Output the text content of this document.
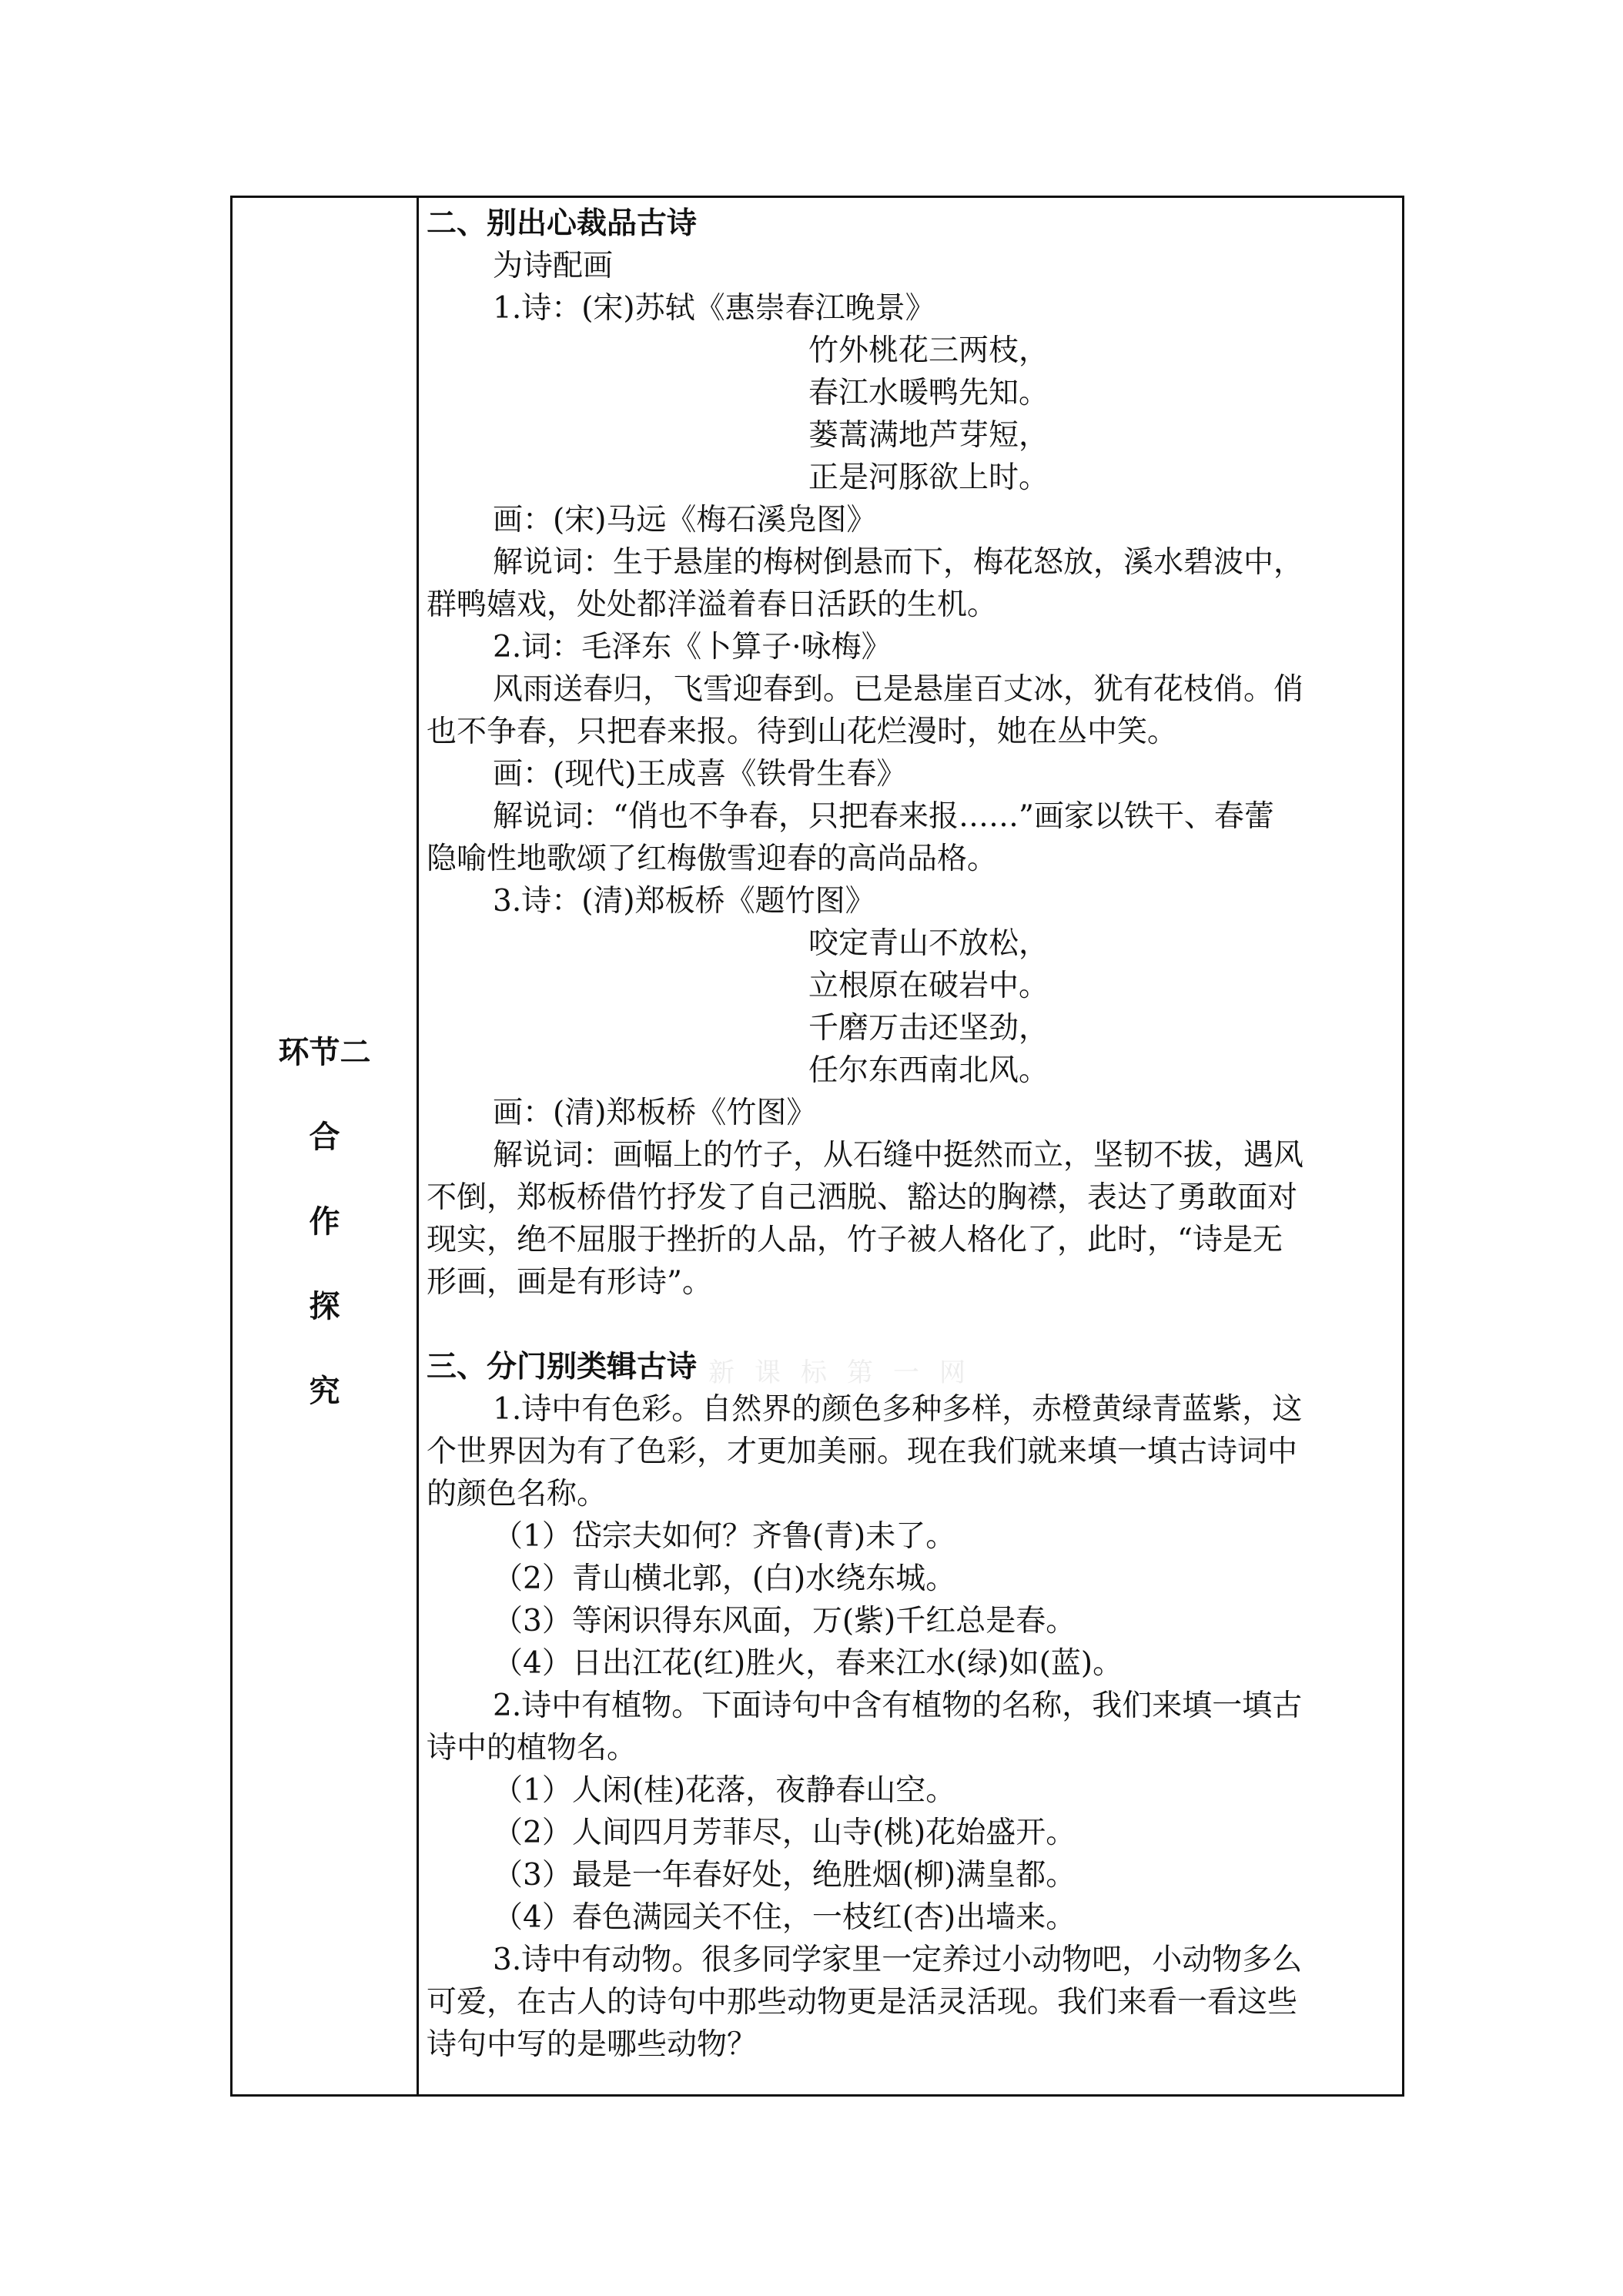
环节二
合
作
探
究
二、别出心裁品古诗
为诗配画
1.诗：(宋)苏轼《惠崇春江晚景》
竹外桃花三两枝，
春江水暖鸭先知。
蒌蒿满地芦芽短，
正是河豚欲上时。
画：(宋)马远《梅石溪凫图》
解说词：生于悬崖的梅树倒悬而下，梅花怒放，溪水碧波中，
群鸭嬉戏，处处都洋溢着春日活跃的生机。
2.词：毛泽东《卜算子·咏梅》
风雨送春归，飞雪迎春到。已是悬崖百丈冰，犹有花枝俏。俏
也不争春，只把春来报。待到山花烂漫时，她在丛中笑。
画：(现代)王成喜《铁骨生春》
解说词：“俏也不争春，只把春来报……”画家以铁干、春蕾
隐喻性地歌颂了红梅傲雪迎春的高尚品格。
3.诗：(清)郑板桥《题竹图》
咬定青山不放松，
立根原在破岩中。
千磨万击还坚劲，
任尔东西南北风。
画：(清)郑板桥《竹图》
解说词：画幅上的竹子，从石缝中挺然而立，坚韧不拔，遇风
不倒，郑板桥借竹抒发了自己洒脱、豁达的胸襟，表达了勇敢面对
现实，绝不屈服于挫折的人品，竹子被人格化了，此时，“诗是无
形画，画是有形诗”。
三、分门别类辑古诗
1.诗中有色彩。自然界的颜色多种多样，赤橙黄绿青蓝紫，这
个世界因为有了色彩，才更加美丽。现在我们就来填一填古诗词中
的颜色名称。
（1）岱宗夫如何？齐鲁(青)未了。
（2）青山横北郭，(白)水绕东城。
（3）等闲识得东风面，万(紫)千红总是春。
（4）日出江花(红)胜火，春来江水(绿)如(蓝)。
2.诗中有植物。下面诗句中含有植物的名称，我们来填一填古
诗中的植物名。
（1）人闲(桂)花落，夜静春山空。
（2）人间四月芳菲尽，山寺(桃)花始盛开。
（3）最是一年春好处，绝胜烟(柳)满皇都。
（4）春色满园关不住，一枝红(杏)出墙来。
3.诗中有动物。很多同学家里一定养过小动物吧，小动物多么
可爱，在古人的诗句中那些动物更是活灵活现。我们来看一看这些
诗句中写的是哪些动物？
新课标第一网
